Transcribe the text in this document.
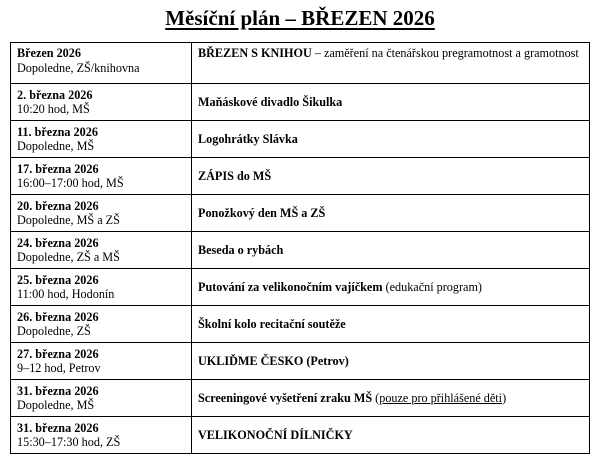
Měsíční plán – BŘEZEN 2026
Březen 2026
Dopoledne, ZŠ/knihovna	BŘEZEN S KNIHOU – zaměření na čtenářskou pregramotnost a gramotnost

2. března 2026
10:20 hod, MŠ	Maňáskové divadlo Šikulka

11. března 2026
Dopoledne, MŠ	Logohrátky Slávka

17. března 2026
16:00–17:00 hod, MŠ	ZÁPIS do MŠ

20. března 2026
Dopoledne, MŠ a ZŠ	Ponožkový den MŠ a ZŠ

24. března 2026
Dopoledne, ZŠ a MŠ	Beseda o rybách

25. března 2026
11:00 hod, Hodonín	Putování za velikonočním vajíčkem (edukační program)

26. března 2026
Dopoledne, ZŠ	Školní kolo recitační soutěže

27. března 2026
9–12 hod, Petrov	UKLIĎME ČESKO (Petrov)

31. března 2026
Dopoledne, MŠ	Screeningové vyšetření zraku MŠ (pouze pro přihlášené děti)

31. března 2026
15:30–17:30 hod, ZŠ	VELIKONOČNÍ DÍLNIČKY
